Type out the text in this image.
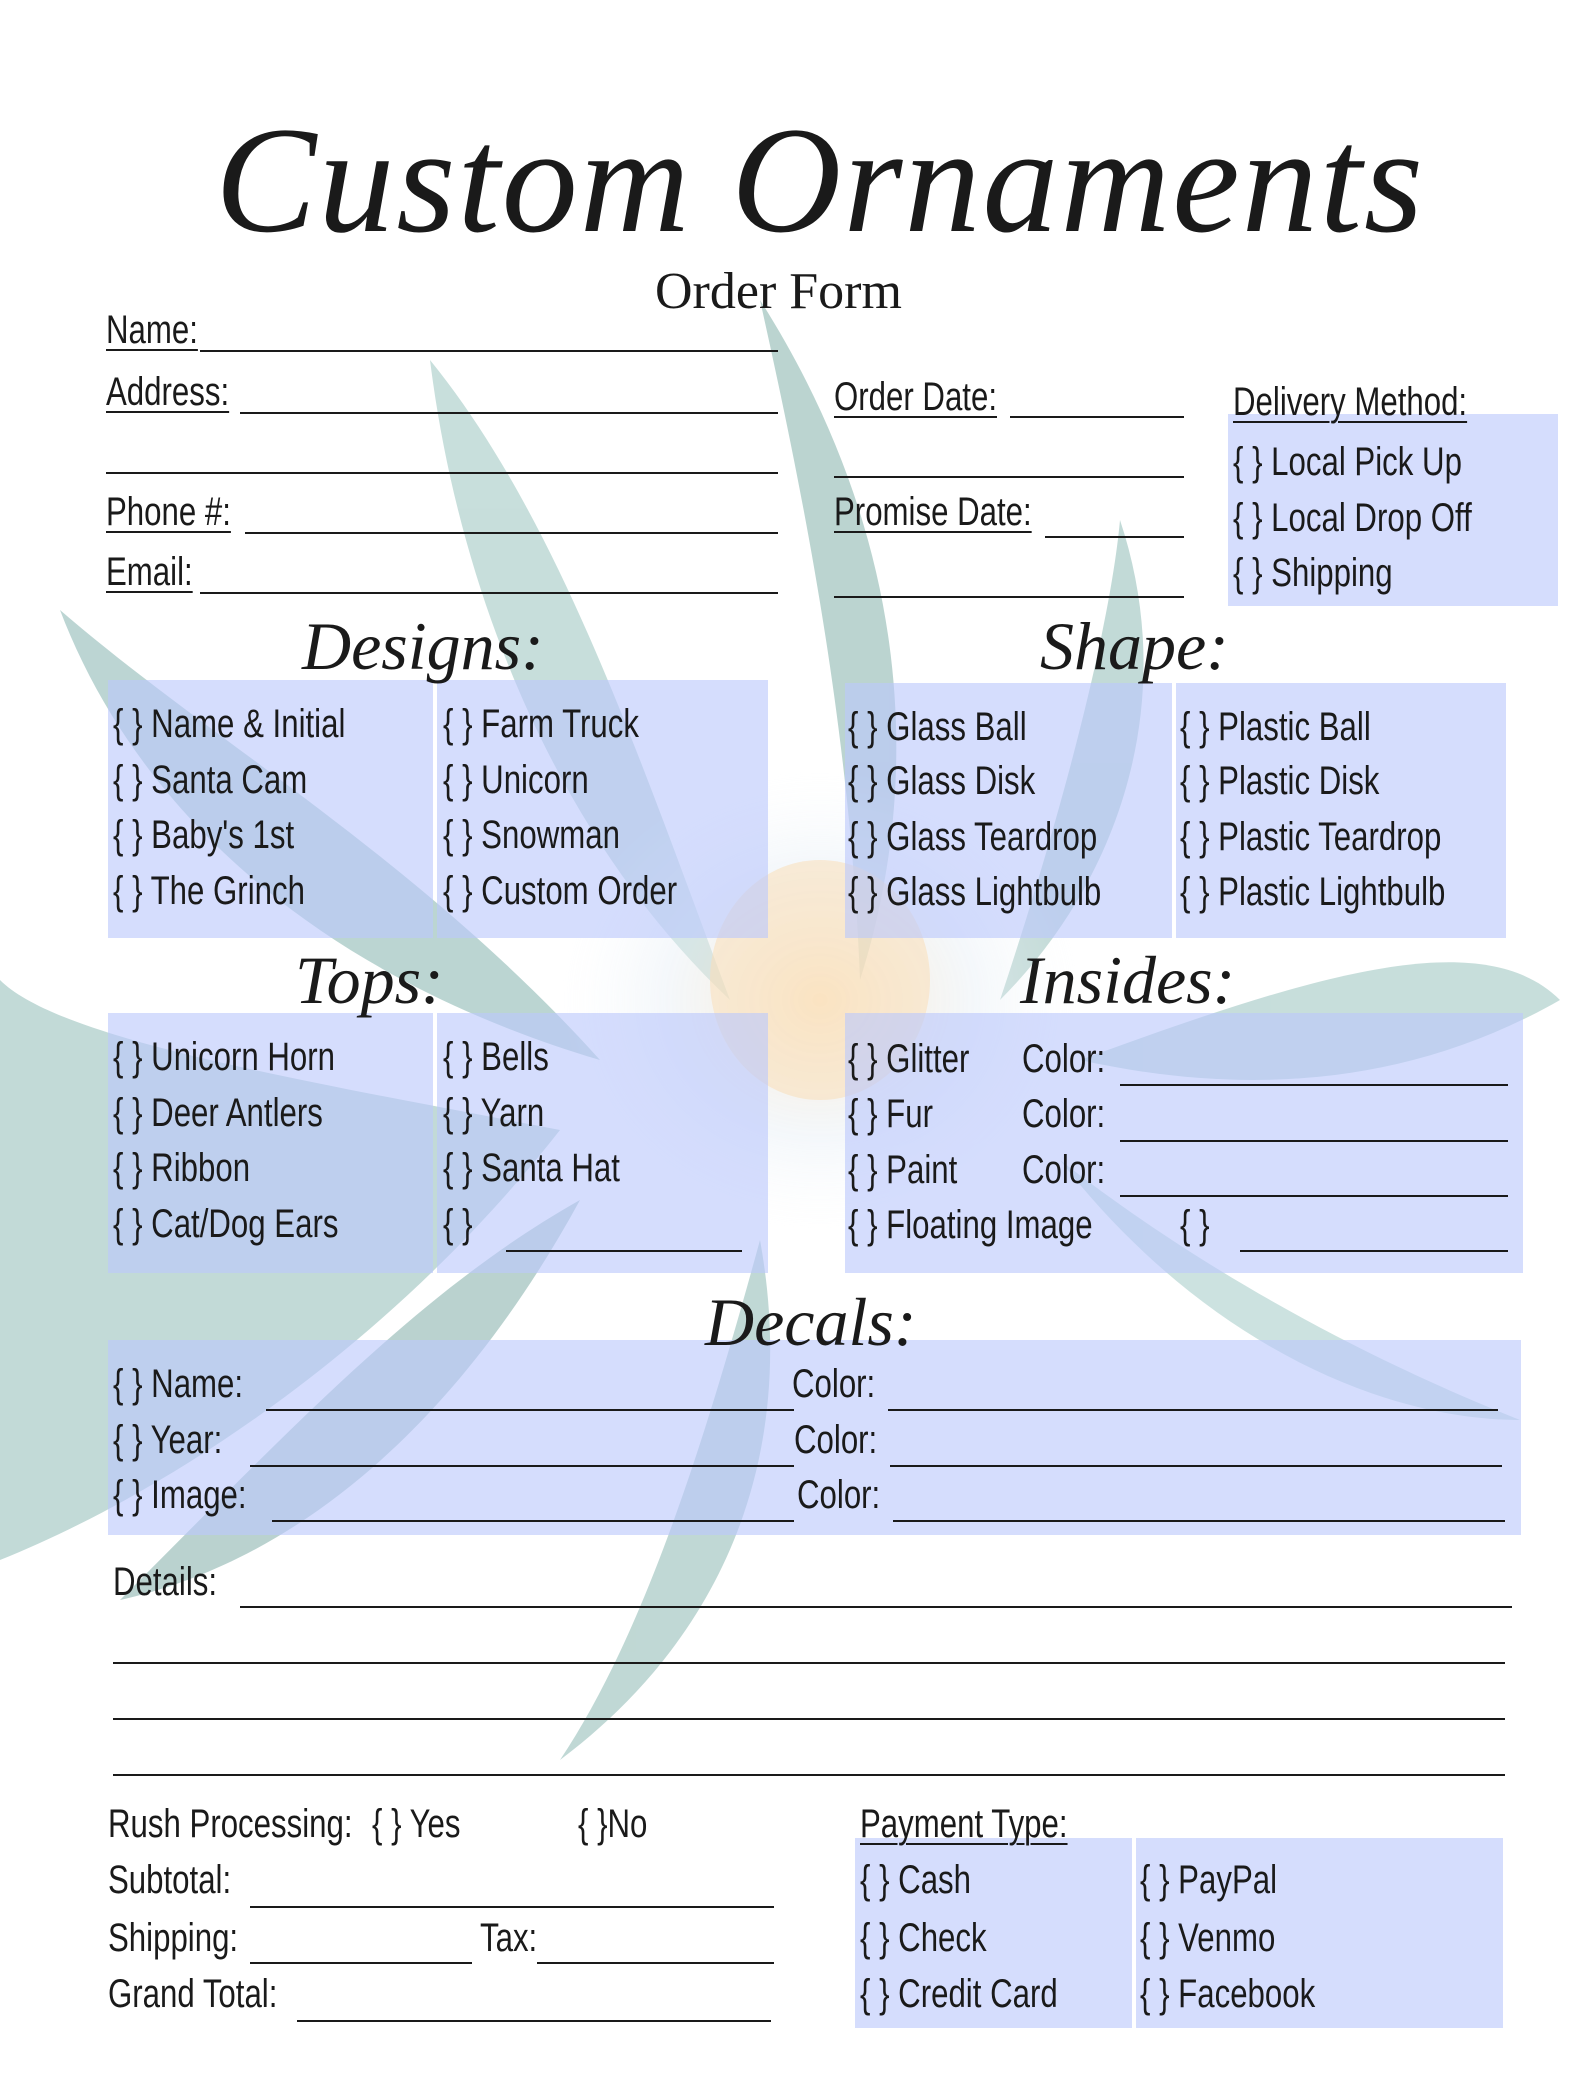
Custom Ornaments
Order Form
Name:
Address:
Phone #:
Email:
Order Date:
Promise Date:
Delivery Method:
{ } Local Pick Up
{ } Local Drop Off
{ } Shipping
Designs:
{ } Name & Initial
{ } Santa Cam
{ } Baby's 1st
{ } The Grinch
{ } Farm Truck
{ } Unicorn
{ } Snowman
{ } Custom Order
Shape:
{ } Glass Ball
{ } Glass Disk
{ } Glass Teardrop
{ } Glass Lightbulb
{ } Plastic Ball
{ } Plastic Disk
{ } Plastic Teardrop
{ } Plastic Lightbulb
Tops:
{ } Unicorn Horn
{ } Deer Antlers
{ } Ribbon
{ } Cat/Dog Ears
{ } Bells
{ } Yarn
{ } Santa Hat
{ }
Insides:
{ } Glitter
{ } Fur
{ } Paint
{ } Floating Image
Color:
Color:
Color:
{ }
Decals:
{ } Name:
{ } Year:
{ } Image:
Color:
Color:
Color:
Details:
Rush Processing: { } Yes	{ }No
Subtotal:
Shipping:	Tax:
Grand Total:
Payment Type:
{ } Cash
{ } Check
{ } Credit Card
{ } PayPal
{ } Venmo
{ } Facebook
